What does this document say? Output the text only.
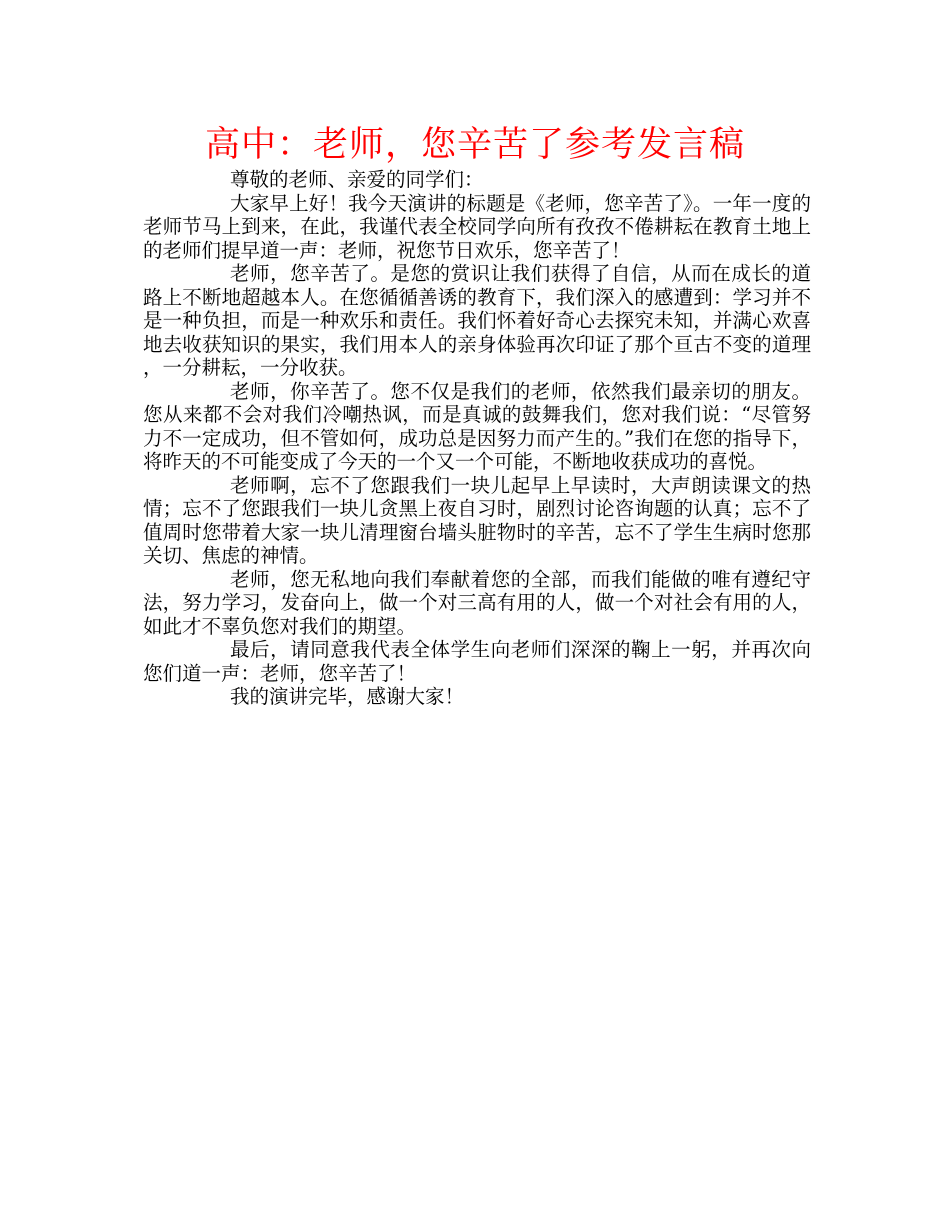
高中：老师，您辛苦了参考发言稿

尊敬的老师、亲爱的同学们：

大家早上好！我今天演讲的标题是《老师，您辛苦了》。一年一度的老师节马上到来，在此，我谨代表全校同学向所有孜孜不倦耕耘在教育土地上的老师们提早道一声：老师，祝您节日欢乐，您辛苦了！

老师，您辛苦了。是您的赏识让我们获得了自信，从而在成长的道路上不断地超越本人。在您循循善诱的教育下，我们深入的感遭到：学习并不是一种负担，而是一种欢乐和责任。我们怀着好奇心去探究未知，并满心欢喜地去收获知识的果实，我们用本人的亲身体验再次印证了那个亘古不变的道理，一分耕耘，一分收获。

老师，你辛苦了。您不仅是我们的老师，依然我们最亲切的朋友。您从来都不会对我们冷嘲热讽，而是真诚的鼓舞我们，您对我们说：“尽管努力不一定成功，但不管如何，成功总是因努力而产生的。”我们在您的指导下，将昨天的不可能变成了今天的一个又一个可能，不断地收获成功的喜悦。

老师啊，忘不了您跟我们一块儿起早上早读时，大声朗读课文的热情；忘不了您跟我们一块儿贪黑上夜自习时，剧烈讨论咨询题的认真；忘不了值周时您带着大家一块儿清理窗台墙头脏物时的辛苦，忘不了学生生病时您那关切、焦虑的神情。

老师，您无私地向我们奉献着您的全部，而我们能做的唯有遵纪守法，努力学习，发奋向上，做一个对三高有用的人，做一个对社会有用的人，如此才不辜负您对我们的期望。

最后，请同意我代表全体学生向老师们深深的鞠上一躬，并再次向您们道一声：老师，您辛苦了！

我的演讲完毕，感谢大家！
